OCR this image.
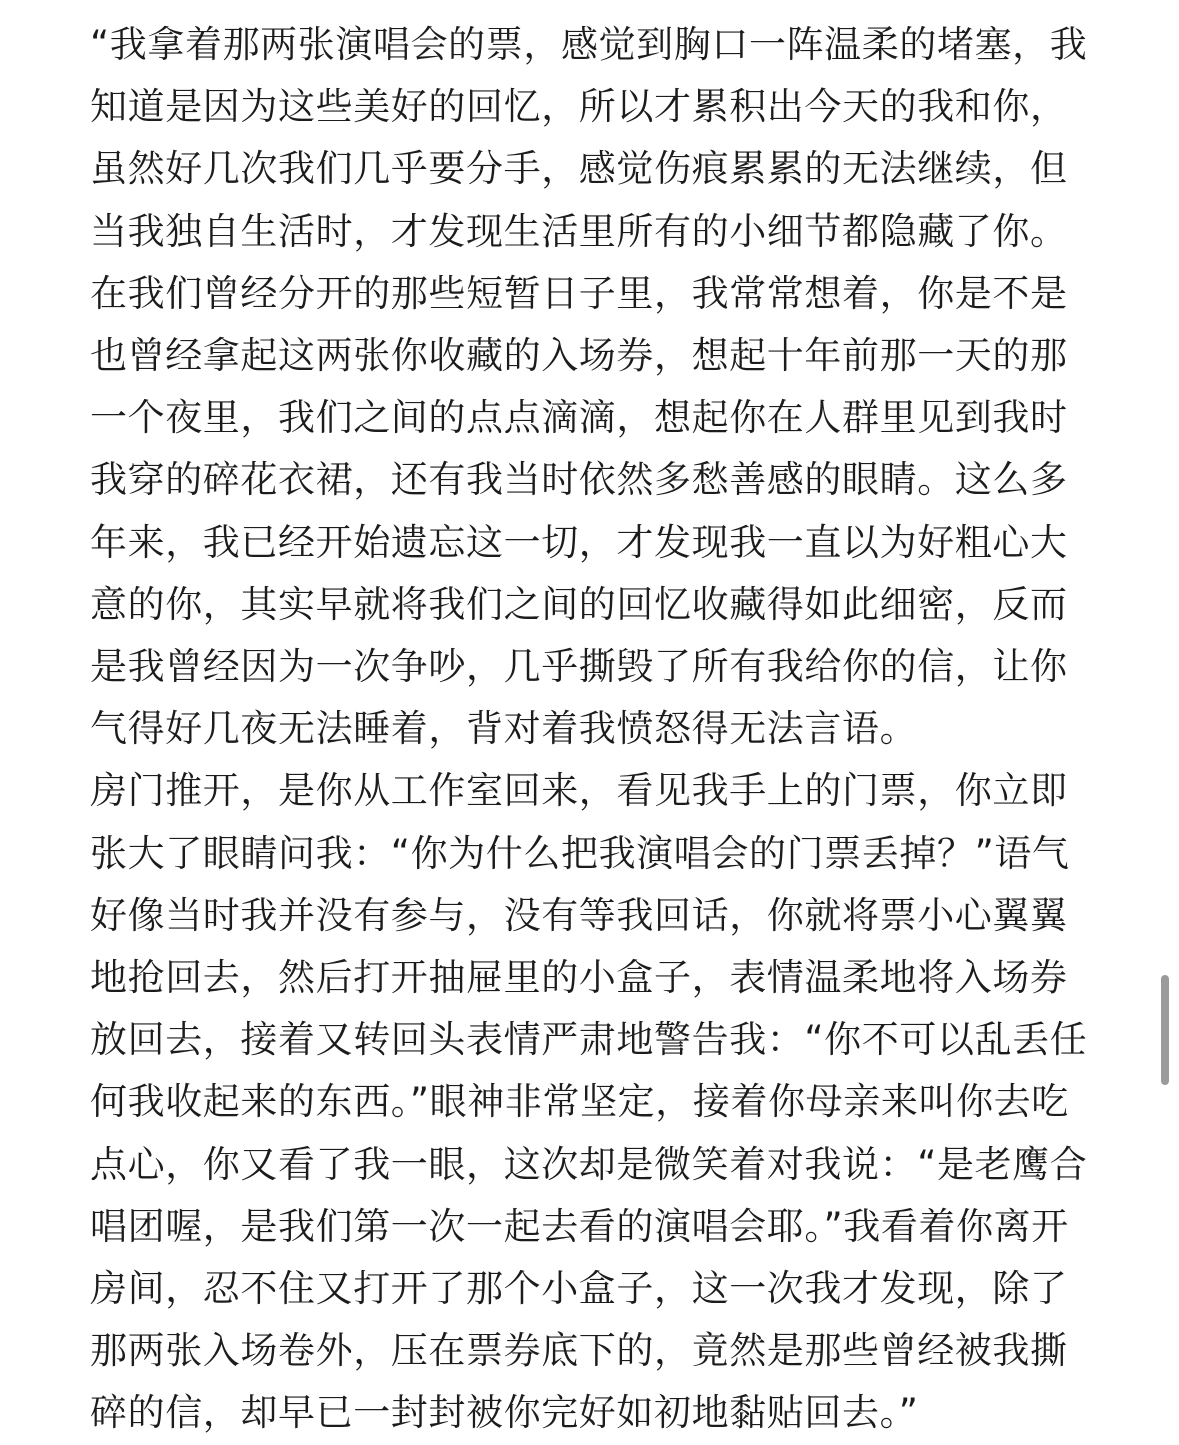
“我拿着那两张演唱会的票，感觉到胸口一阵温柔的堵塞，我
知道是因为这些美好的回忆，所以才累积出今天的我和你，
虽然好几次我们几乎要分手，感觉伤痕累累的无法继续，但
当我独自生活时，才发现生活里所有的小细节都隐藏了你。
在我们曾经分开的那些短暂日子里，我常常想着，你是不是
也曾经拿起这两张你收藏的入场券，想起十年前那一天的那
一个夜里，我们之间的点点滴滴，想起你在人群里见到我时
我穿的碎花衣裙，还有我当时依然多愁善感的眼睛。这么多
年来，我已经开始遗忘这一切，才发现我一直以为好粗心大
意的你，其实早就将我们之间的回忆收藏得如此细密，反而
是我曾经因为一次争吵，几乎撕毁了所有我给你的信，让你
气得好几夜无法睡着，背对着我愤怒得无法言语。
房门推开，是你从工作室回来，看见我手上的门票，你立即
张大了眼睛问我：“你为什么把我演唱会的门票丢掉？”语气
好像当时我并没有参与，没有等我回话，你就将票小心翼翼
地抢回去，然后打开抽屉里的小盒子，表情温柔地将入场券
放回去，接着又转回头表情严肃地警告我：“你不可以乱丢任
何我收起来的东西。”眼神非常坚定，接着你母亲来叫你去吃
点心，你又看了我一眼，这次却是微笑着对我说：“是老鹰合
唱团喔，是我们第一次一起去看的演唱会耶。”我看着你离开
房间，忍不住又打开了那个小盒子，这一次我才发现，除了
那两张入场卷外，压在票券底下的，竟然是那些曾经被我撕
碎的信，却早已一封封被你完好如初地黏贴回去。”
